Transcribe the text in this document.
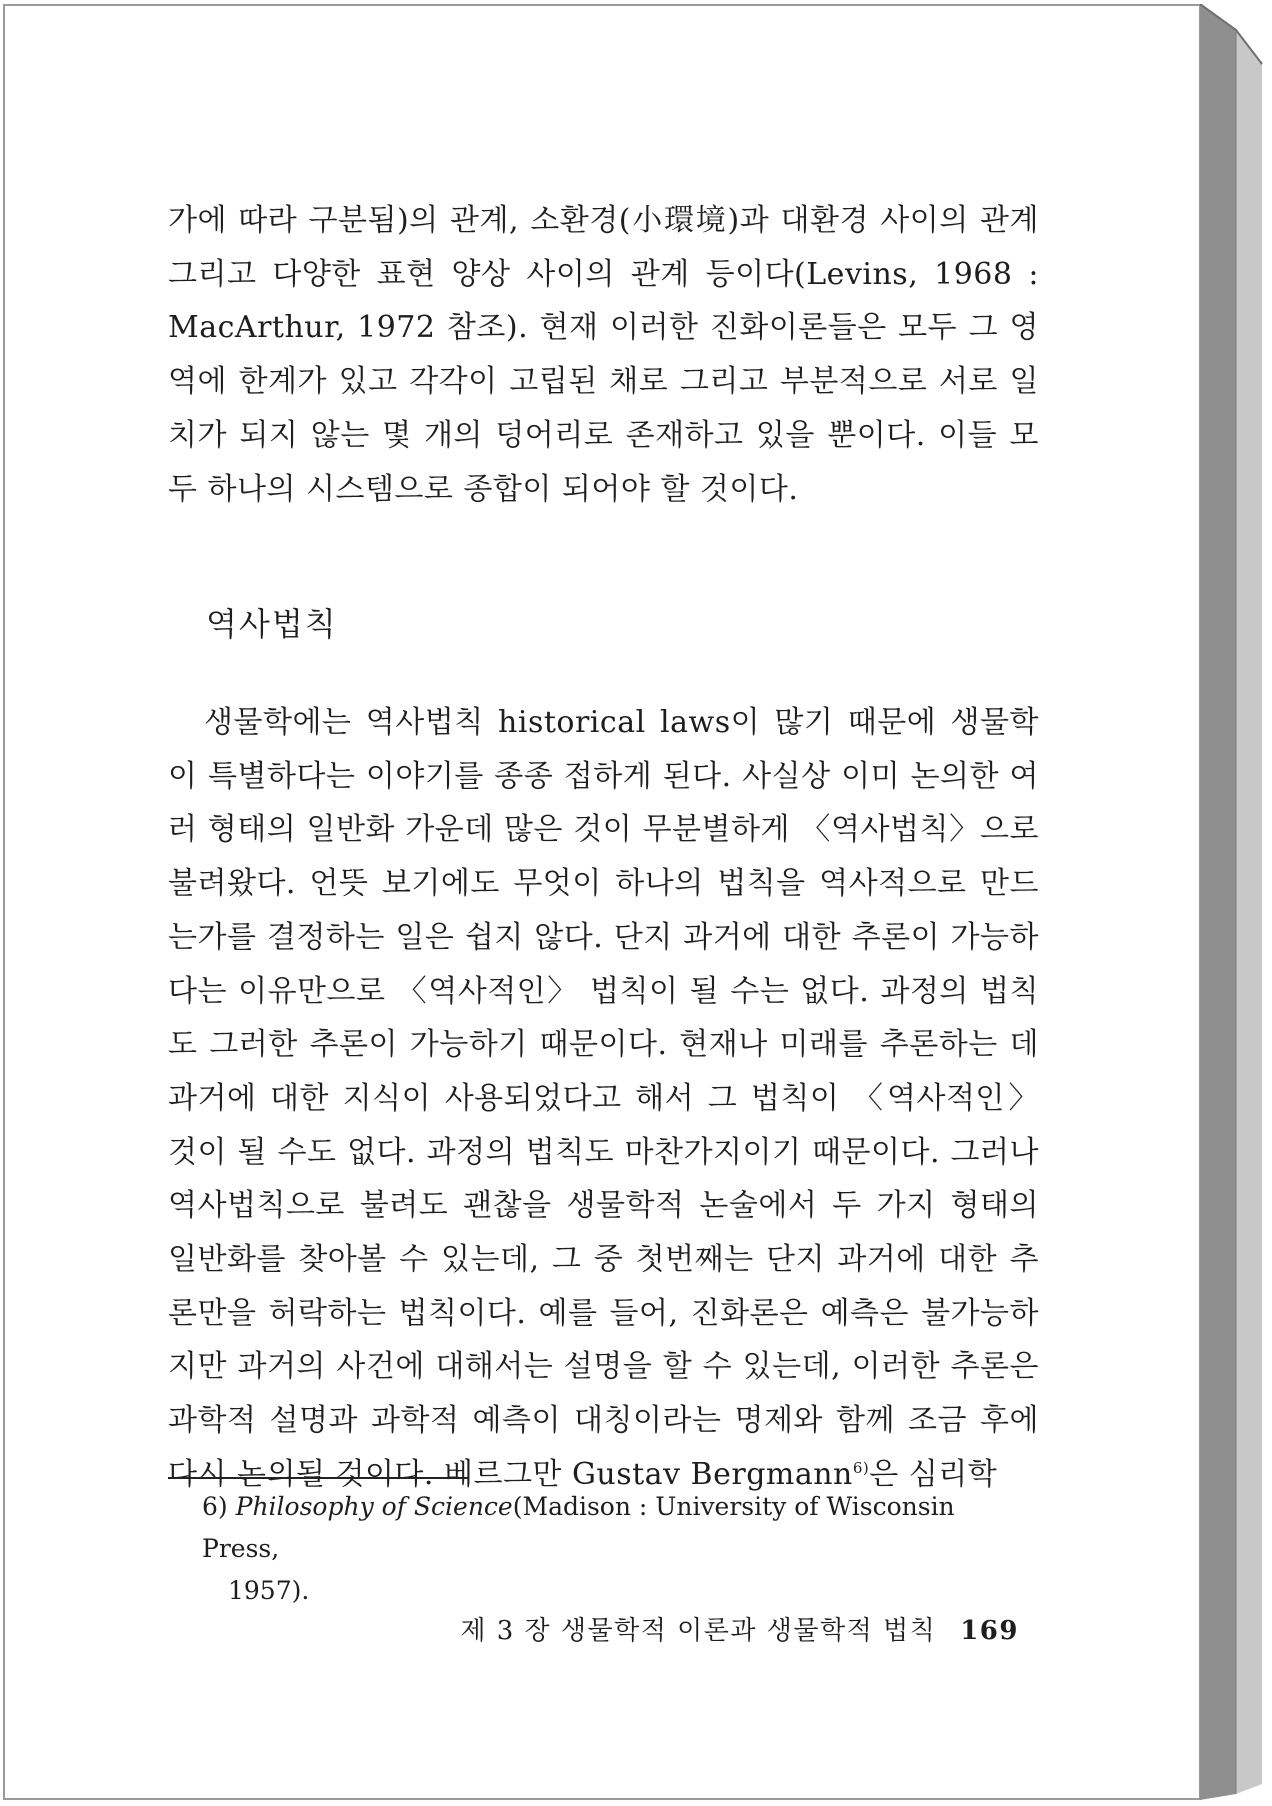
가에 따라 구분됨)의 관계, 소환경(小環境)과 대환경 사이의 관계 그리고 다양한 표현 양상 사이의 관계 등이다(Levins, 1968 : MacArthur, 1972 참조). 현재 이러한 진화이론들은 모두 그 영역에 한계가 있고 각각이 고립된 채로 그리고 부분적으로 서로 일치가 되지 않는 몇 개의 덩어리로 존재하고 있을 뿐이다. 이들 모두 하나의 시스템으로 종합이 되어야 할 것이다.

역사법칙

생물학에는 역사법칙 historical laws이 많기 때문에 생물학이 특별하다는 이야기를 종종 접하게 된다. 사실상 이미 논의한 여러 형태의 일반화 가운데 많은 것이 무분별하게 〈역사법칙〉으로 불려왔다. 언뜻 보기에도 무엇이 하나의 법칙을 역사적으로 만드는가를 결정하는 일은 쉽지 않다. 단지 과거에 대한 추론이 가능하다는 이유만으로 〈역사적인〉 법칙이 될 수는 없다. 과정의 법칙도 그러한 추론이 가능하기 때문이다. 현재나 미래를 추론하는 데 과거에 대한 지식이 사용되었다고 해서 그 법칙이 〈역사적인〉 것이 될 수도 없다. 과정의 법칙도 마찬가지이기 때문이다. 그러나 역사법칙으로 불려도 괜찮을 생물학적 논술에서 두 가지 형태의 일반화를 찾아볼 수 있는데, 그 중 첫번째는 단지 과거에 대한 추론만을 허락하는 법칙이다. 예를 들어, 진화론은 예측은 불가능하지만 과거의 사건에 대해서는 설명을 할 수 있는데, 이러한 추론은 과학적 설명과 과학적 예측이 대칭이라는 명제와 함께 조금 후에 다시 논의될 것이다. 베르그만 Gustav Bergmann$^{6)}$은 심리학

6) Philosophy of Science(Madison : University of Wisconsin Press,
1957).
제 3 장 생물학적 이론과 생물학적 법칙 169
